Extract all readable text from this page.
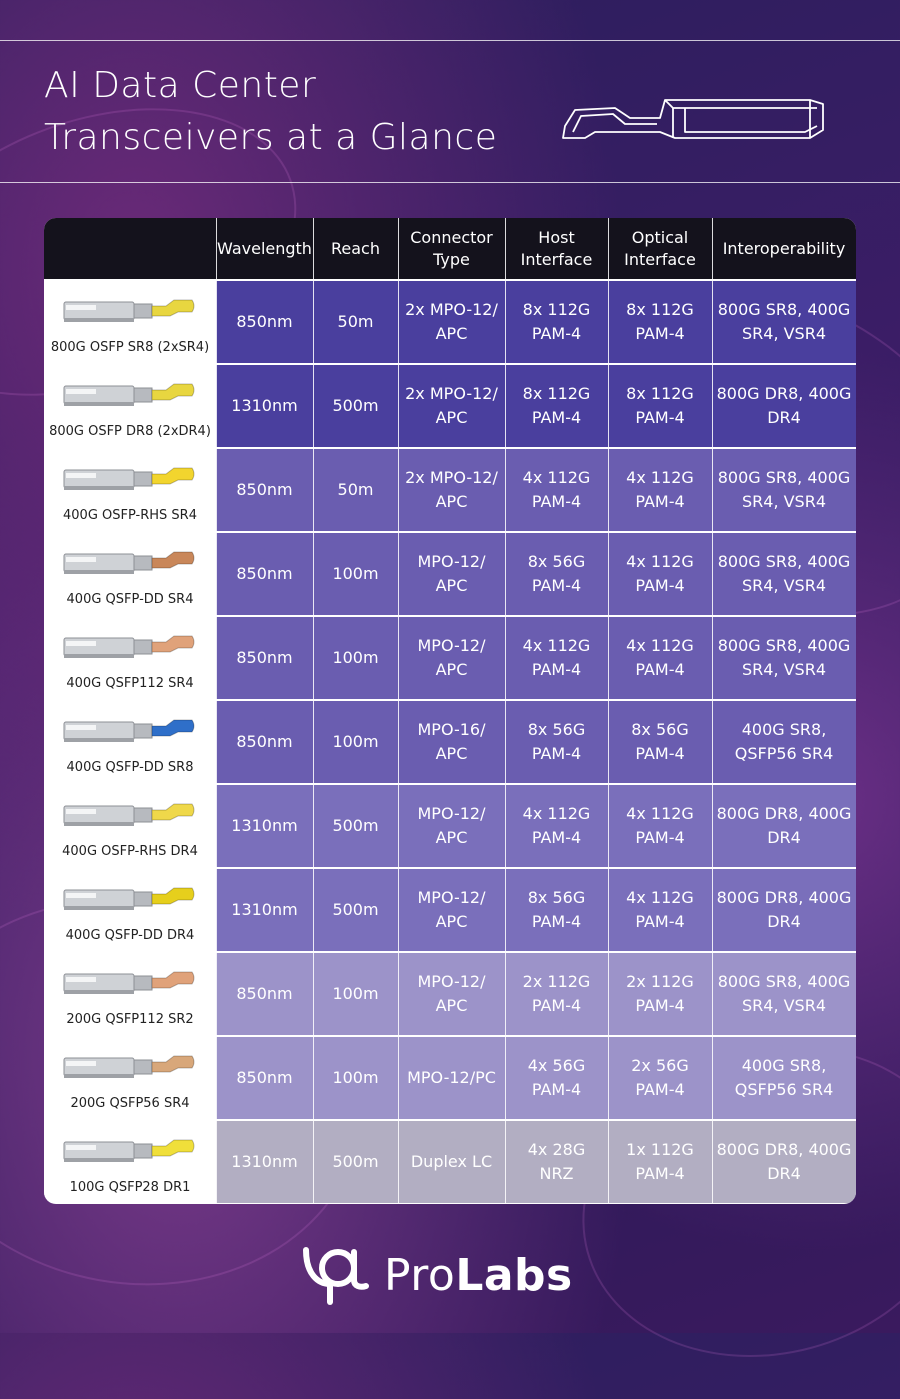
AI Data Center
Transceivers at a Glance
Wavelength Reach
Connector Type
Host Interface
Optical Interface
Interoperability
800G OSFP SR8 (2xSR4)
850nm	50m
2x MPO-12/ APC
8x 112G PAM-4
8x 112G PAM-4
800G SR8, 400G SR4, VSR4
800G OSFP DR8 (2xDR4)
1310nm 500m
2x MPO-12/ APC
8x 112G PAM-4
8x 112G PAM-4
800G DR8, 400G DR4
400G OSFP-RHS SR4
850nm	50m
2x MPO-12/ APC
4x 112G PAM-4
4x 112G PAM-4
800G SR8, 400G SR4, VSR4
400G QSFP-DD SR4
850nm 100m
MPO-12/ APC
8x 56G PAM-4
4x 112G PAM-4
800G SR8, 400G SR4, VSR4
400G QSFP112 SR4
850nm 100m
MPO-12/ APC
4x 112G PAM-4
4x 112G PAM-4
800G SR8, 400G SR4, VSR4
400G QSFP-DD SR8
850nm 100m
MPO-16/ APC
8x 56G PAM-4
8x 56G PAM-4
400G SR8, QSFP56 SR4
400G OSFP-RHS DR4
1310nm 500m
MPO-12/ APC
4x 112G PAM-4
4x 112G PAM-4
800G DR8, 400G DR4
400G QSFP-DD DR4
1310nm 500m
MPO-12/ APC
8x 56G PAM-4
4x 112G PAM-4
800G DR8, 400G DR4
200G QSFP112 SR2
850nm 100m
MPO-12/ APC
2x 112G PAM-4
2x 112G PAM-4
800G SR8, 400G SR4, VSR4
200G QSFP56 SR4
850nm 100m MPO-12/PC
4x 56G PAM-4
2x 56G PAM-4
400G SR8, QSFP56 SR4
100G QSFP28 DR1
1310nm 500m Duplex LC
4x 28G NRZ
1x 112G PAM-4
800G DR8, 400G DR4
ProLabs
